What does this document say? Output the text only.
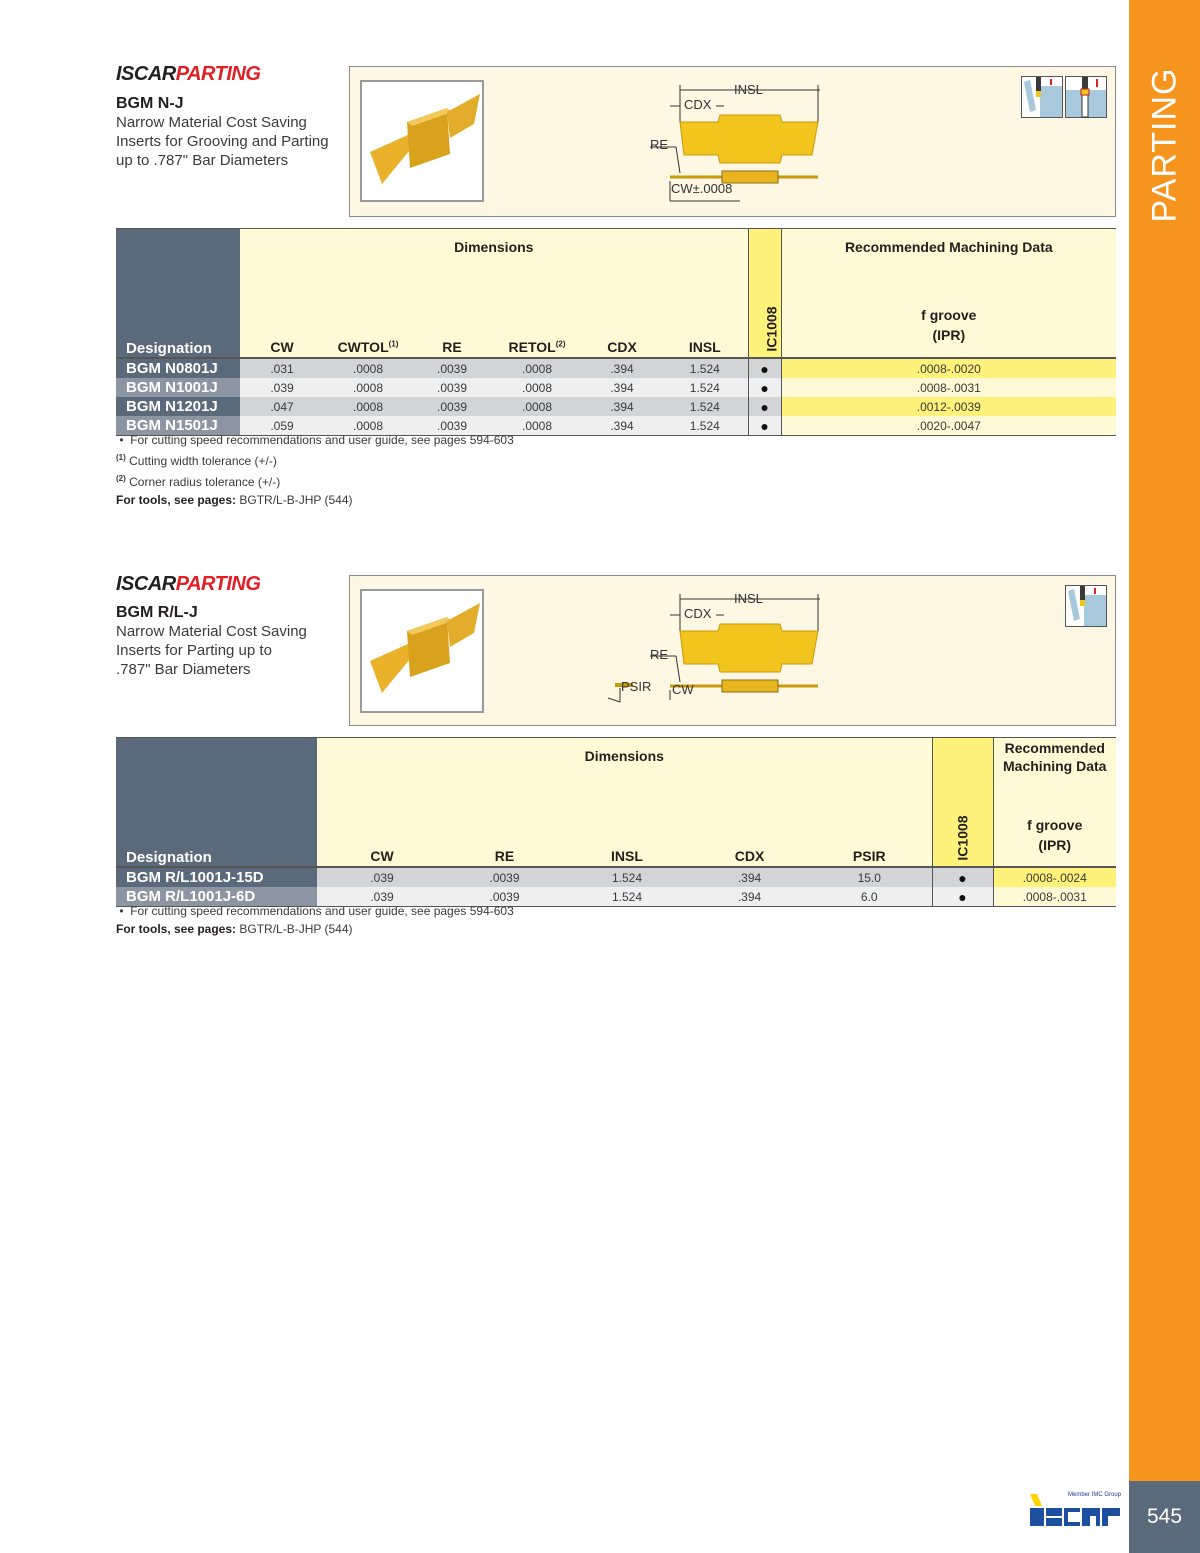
PARTING
545
Member IMC Group
ISCARPARTING
BGM N-J
Narrow Material Cost Saving
Inserts for Grooving and Parting
up to .787" Bar Diameters
INSL
CDX
RE
CW±.0008
Designation	Dimensions						IC1008	Recommended Machining Data
f groove
(IPR)

	CW	CWTOL$^{(1)}$	RE	RETOL$^{(2)}$	CDX	INSL		
BGM N0801J	.031	.0008	.0039	.0008	.394	1.524	●	.0008-.0020
BGM N1001J	.039	.0008	.0039	.0008	.394	1.524	●	.0008-.0031
BGM N1201J	.047	.0008	.0039	.0008	.394	1.524	●	.0012-.0039
BGM N1501J	.059	.0008	.0039	.0008	.394	1.524	●	.0020-.0047
•  For cutting speed recommendations and user guide, see pages 594-603
$^{(1)}$ Cutting width tolerance (+/-)
$^{(2)}$ Corner radius tolerance (+/-)
For tools, see pages: BGTR/L-B-JHP (544)
ISCARPARTING
BGM R/L-J
Narrow Material Cost Saving
Inserts for Parting up to
.787" Bar Diameters
INSL
CDX
RE
CW
PSIR
Designation	Dimensions					IC1008	Recommended
Machining Data
f groove
(IPR)

	CW	RE	INSL	CDX	PSIR		
BGM R/L1001J-15D	.039	.0039	1.524	.394	15.0	●	.0008-.0024
BGM R/L1001J-6D	.039	.0039	1.524	.394	6.0	●	.0008-.0031
•  For cutting speed recommendations and user guide, see pages 594-603
For tools, see pages: BGTR/L-B-JHP (544)
